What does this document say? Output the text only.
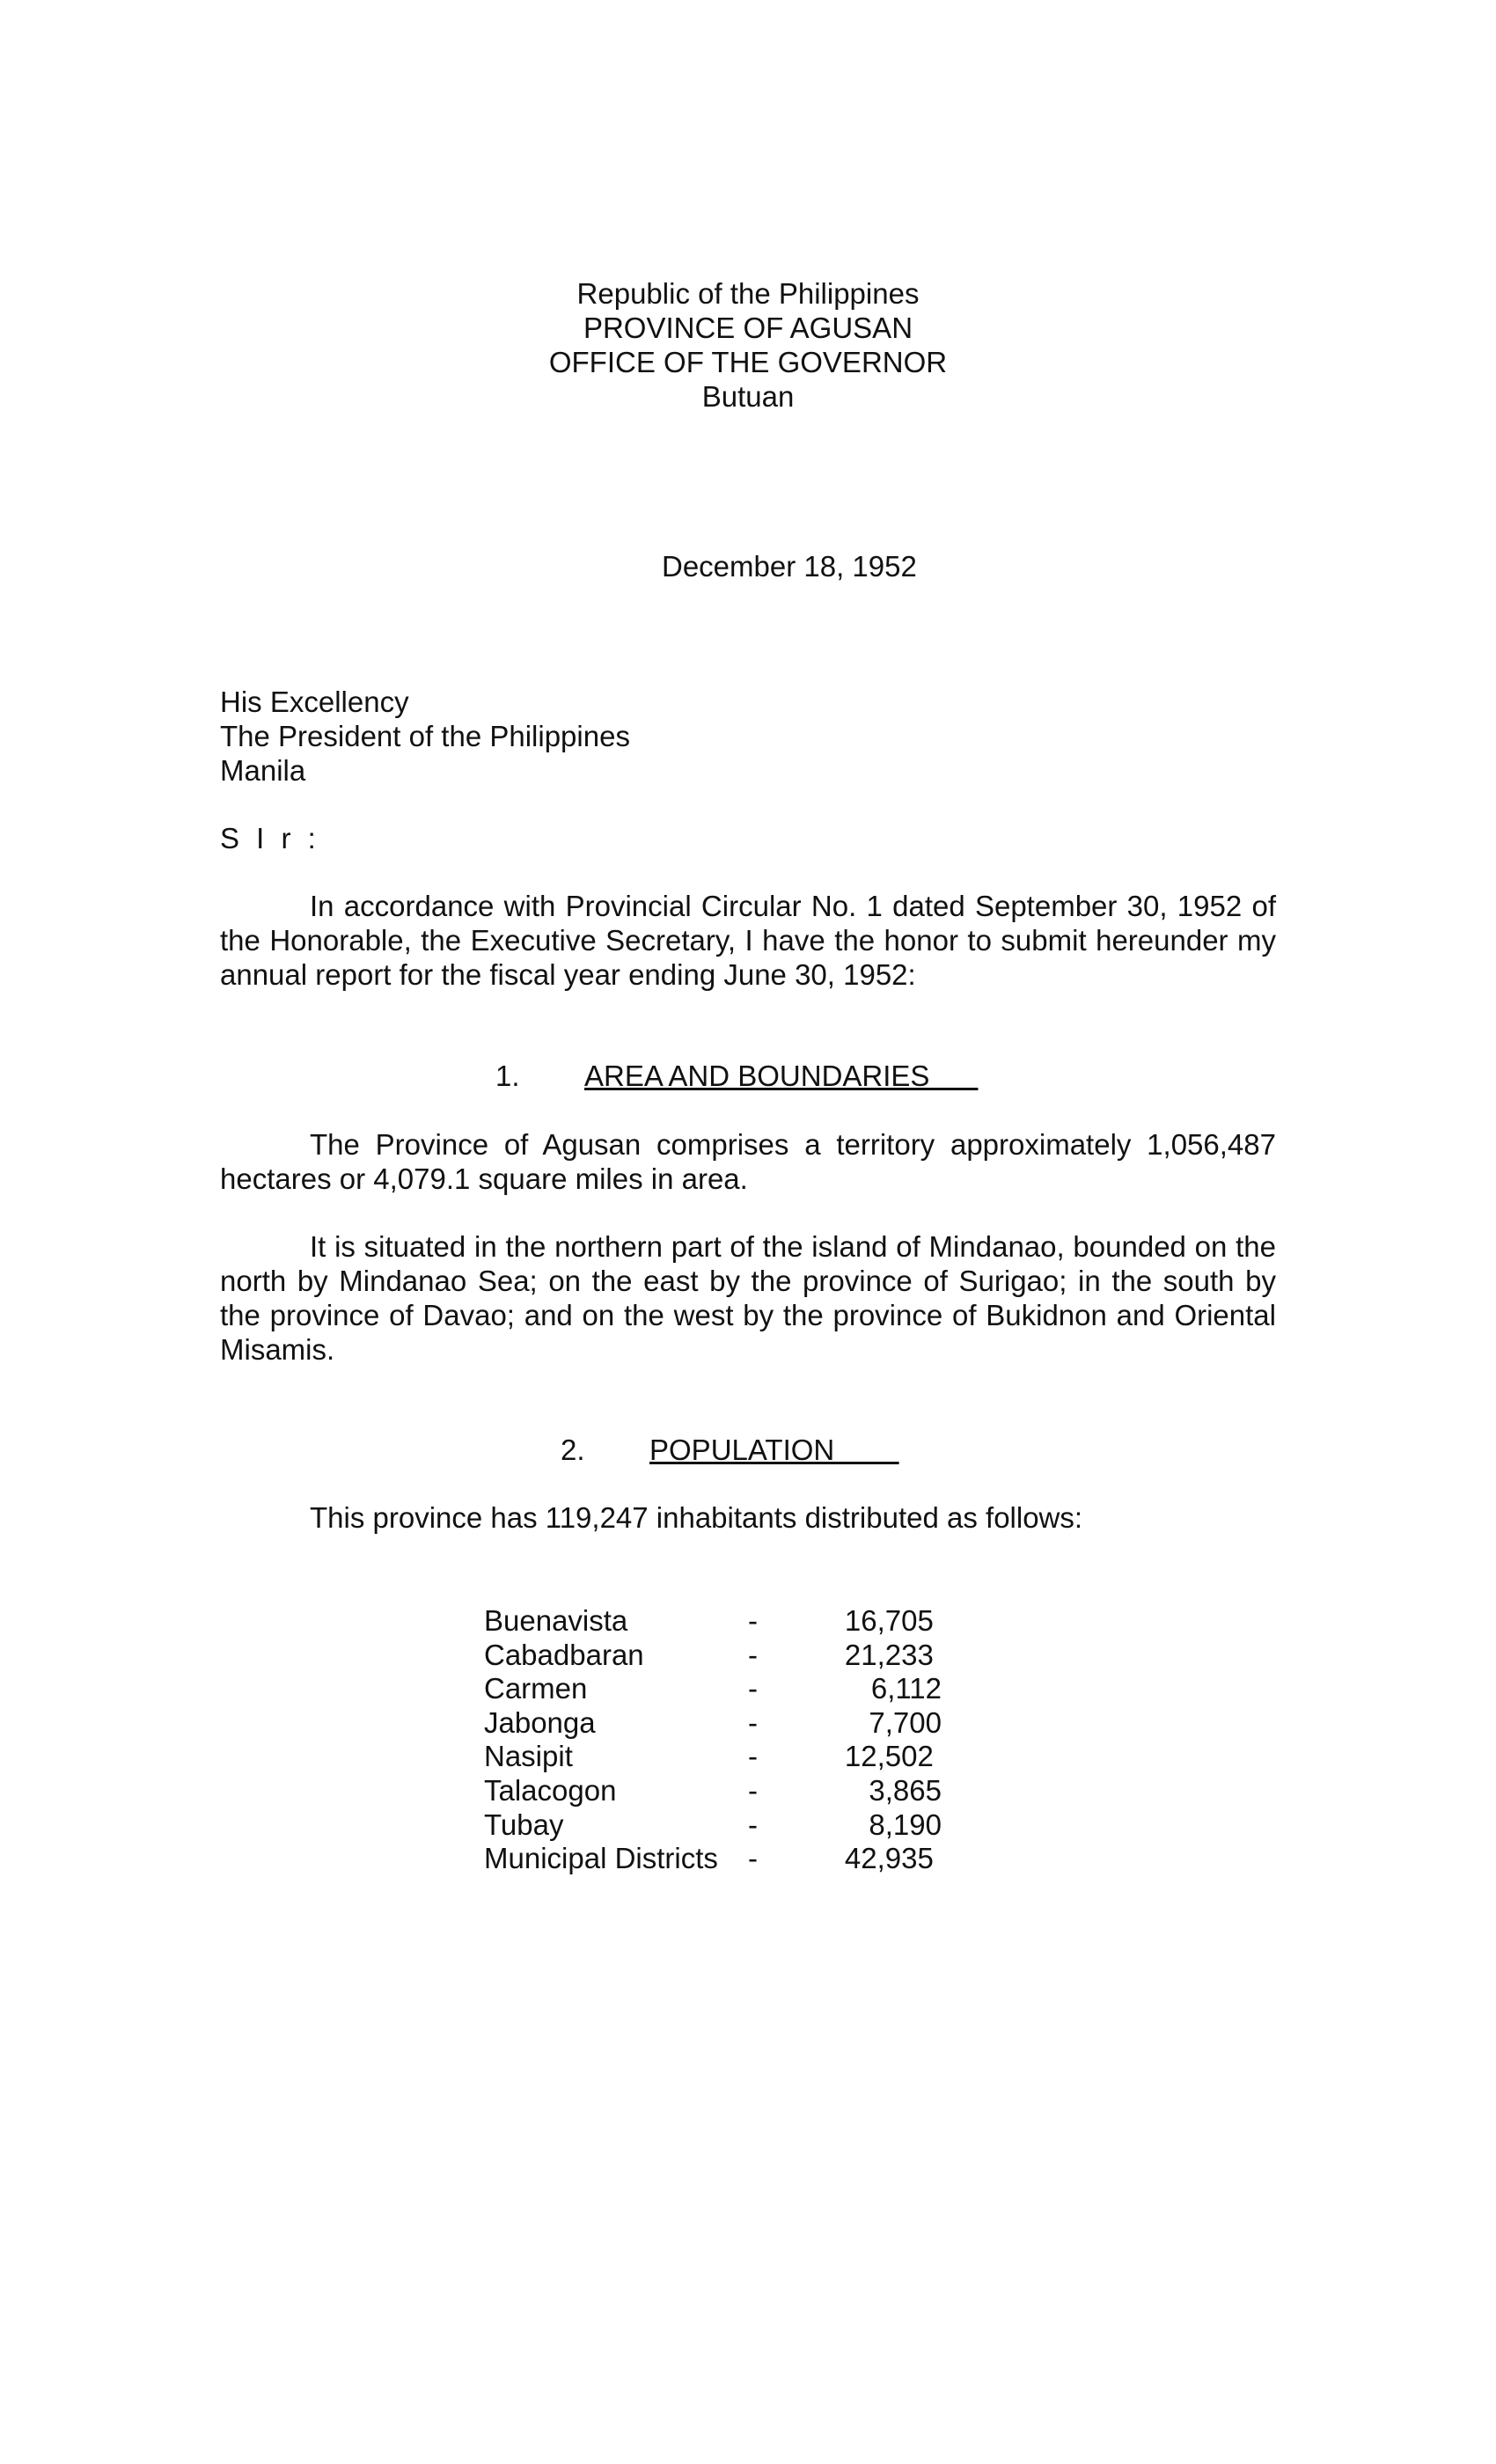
Republic of the Philippines
PROVINCE OF AGUSAN
OFFICE OF THE GOVERNOR
Butuan
December 18, 1952
His Excellency
The President of the Philippines
Manila
S I r :
In accordance with Provincial Circular No. 1 dated September 30, 1952 of the Honorable, the Executive Secretary, I have the honor to submit hereunder my annual report for the fiscal year ending June 30, 1952:
1. AREA AND BOUNDARIES
The Province of Agusan comprises a territory approximately 1,056,487 hectares or 4,079.1 square miles in area.
It is situated in the northern part of the island of Mindanao, bounded on the north by Mindanao Sea; on the east by the province of Surigao; in the south by the province of Davao; and on the west by the province of Bukidnon and Oriental Misamis.
2. POPULATION
This province has 119,247 inhabitants distributed as follows:
Buenavista	-	16,705
Cabadbaran	-	21,233
Carmen	-	6,112
Jabonga	-	7,700
Nasipit	-	12,502
Talacogon	-	3,865
Tubay	-	8,190
Municipal Districts -	42,935
